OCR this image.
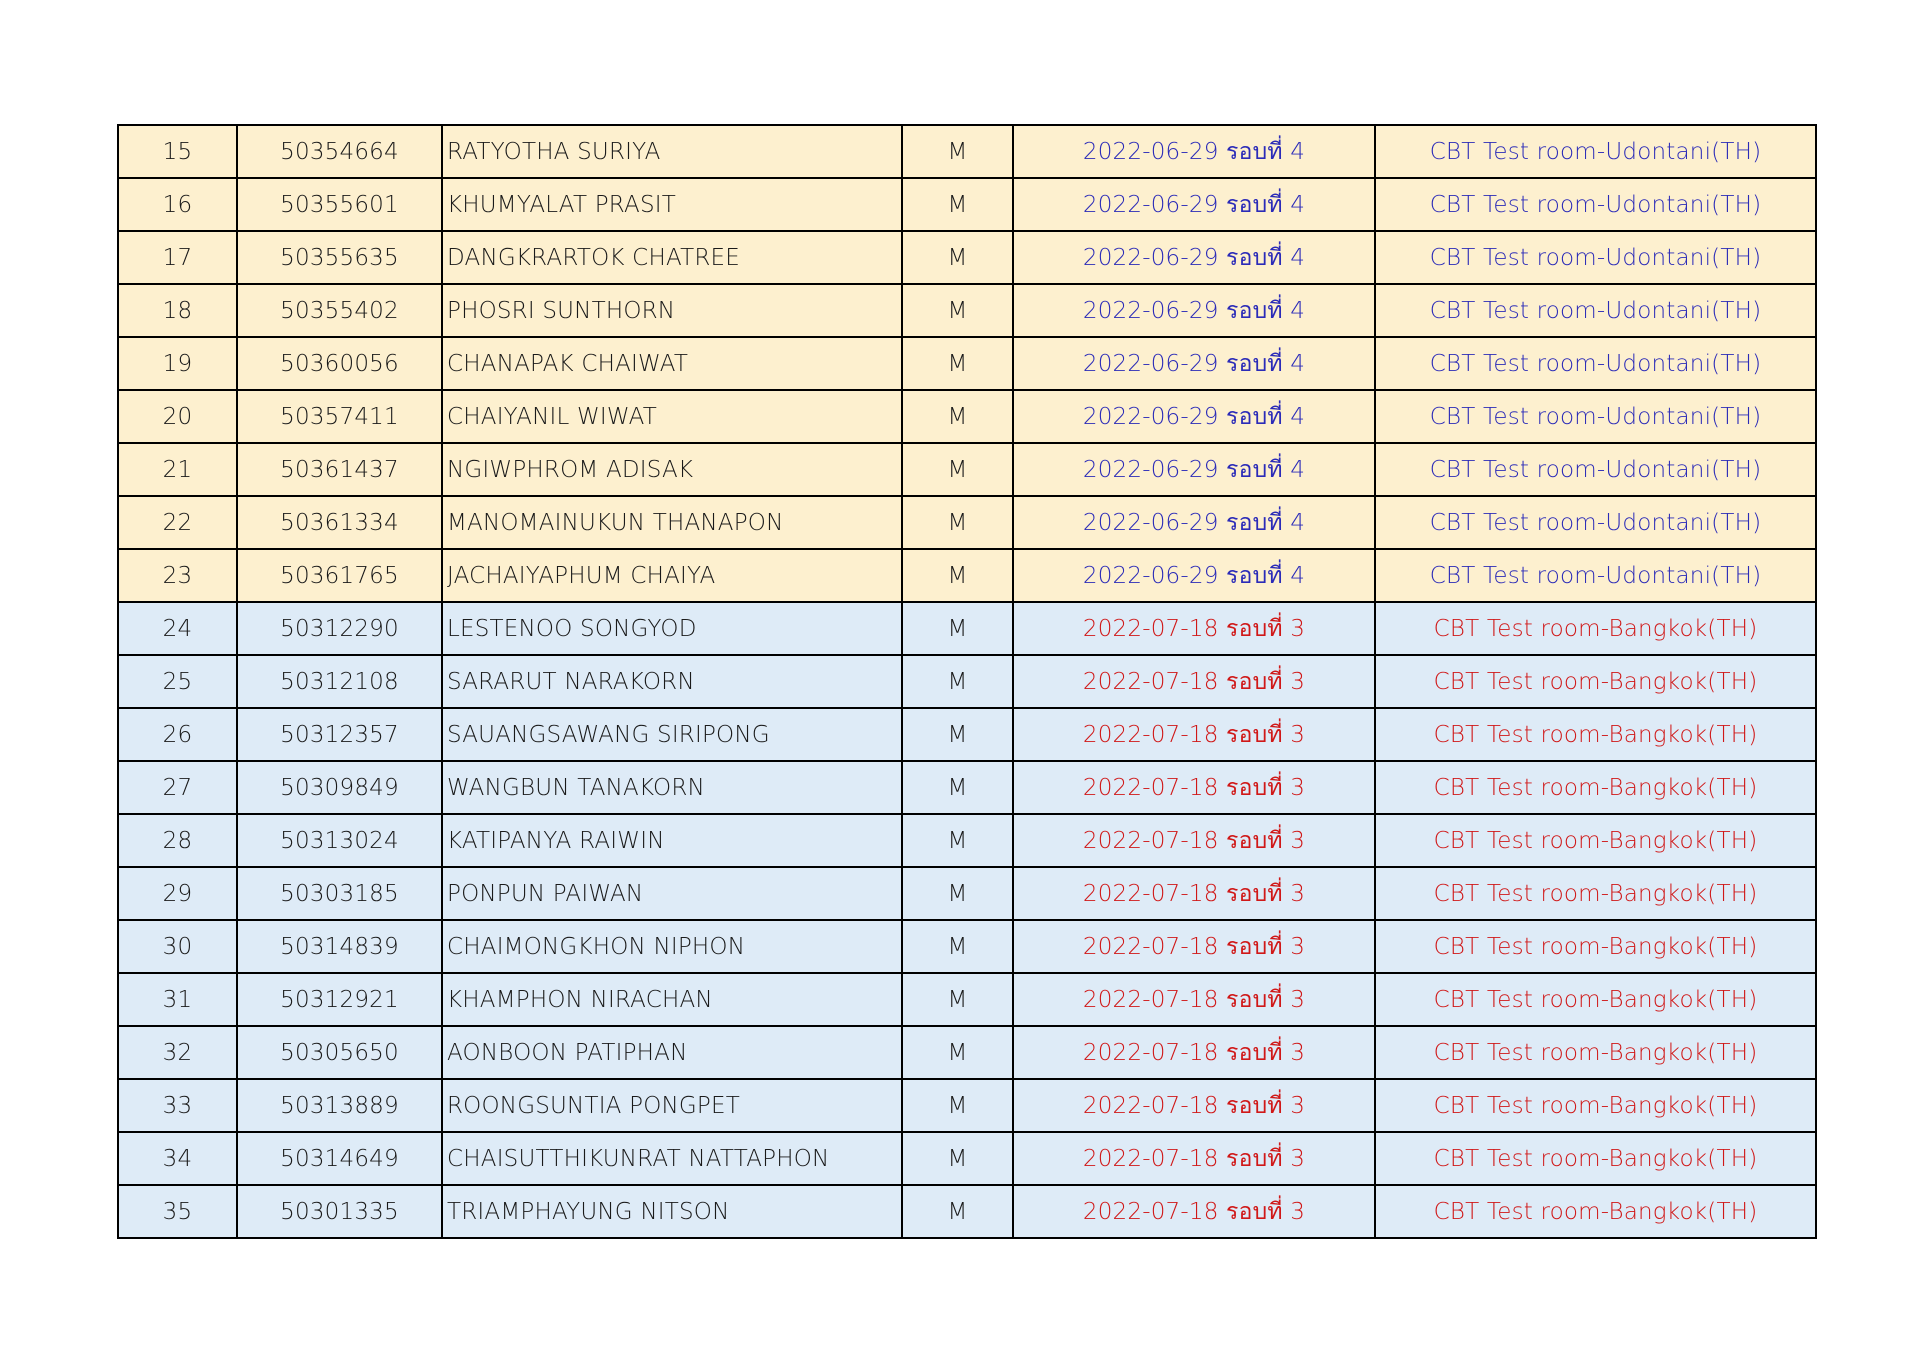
15	50354664	RATYOTHA SURIYA	M	2022-06-29 รอบที่ 4	CBT Test room-Udontani(TH)
16	50355601	KHUMYALAT PRASIT	M	2022-06-29 รอบที่ 4	CBT Test room-Udontani(TH)
17	50355635	DANGKRARTOK CHATREE	M	2022-06-29 รอบที่ 4	CBT Test room-Udontani(TH)
18	50355402	PHOSRI SUNTHORN	M	2022-06-29 รอบที่ 4	CBT Test room-Udontani(TH)
19	50360056	CHANAPAK CHAIWAT	M	2022-06-29 รอบที่ 4	CBT Test room-Udontani(TH)
20	50357411	CHAIYANIL WIWAT	M	2022-06-29 รอบที่ 4	CBT Test room-Udontani(TH)
21	50361437	NGIWPHROM ADISAK	M	2022-06-29 รอบที่ 4	CBT Test room-Udontani(TH)
22	50361334	MANOMAINUKUN THANAPON	M	2022-06-29 รอบที่ 4	CBT Test room-Udontani(TH)
23	50361765	JACHAIYAPHUM CHAIYA	M	2022-06-29 รอบที่ 4	CBT Test room-Udontani(TH)
24	50312290	LESTENOO SONGYOD	M	2022-07-18 รอบที่ 3	CBT Test room-Bangkok(TH)
25	50312108	SARARUT NARAKORN	M	2022-07-18 รอบที่ 3	CBT Test room-Bangkok(TH)
26	50312357	SAUANGSAWANG SIRIPONG	M	2022-07-18 รอบที่ 3	CBT Test room-Bangkok(TH)
27	50309849	WANGBUN TANAKORN	M	2022-07-18 รอบที่ 3	CBT Test room-Bangkok(TH)
28	50313024	KATIPANYA RAIWIN	M	2022-07-18 รอบที่ 3	CBT Test room-Bangkok(TH)
29	50303185	PONPUN PAIWAN	M	2022-07-18 รอบที่ 3	CBT Test room-Bangkok(TH)
30	50314839	CHAIMONGKHON NIPHON	M	2022-07-18 รอบที่ 3	CBT Test room-Bangkok(TH)
31	50312921	KHAMPHON NIRACHAN	M	2022-07-18 รอบที่ 3	CBT Test room-Bangkok(TH)
32	50305650	AONBOON PATIPHAN	M	2022-07-18 รอบที่ 3	CBT Test room-Bangkok(TH)
33	50313889	ROONGSUNTIA PONGPET	M	2022-07-18 รอบที่ 3	CBT Test room-Bangkok(TH)
34	50314649	CHAISUTTHIKUNRAT NATTAPHON	M	2022-07-18 รอบที่ 3	CBT Test room-Bangkok(TH)
35	50301335	TRIAMPHAYUNG NITSON	M	2022-07-18 รอบที่ 3	CBT Test room-Bangkok(TH)
